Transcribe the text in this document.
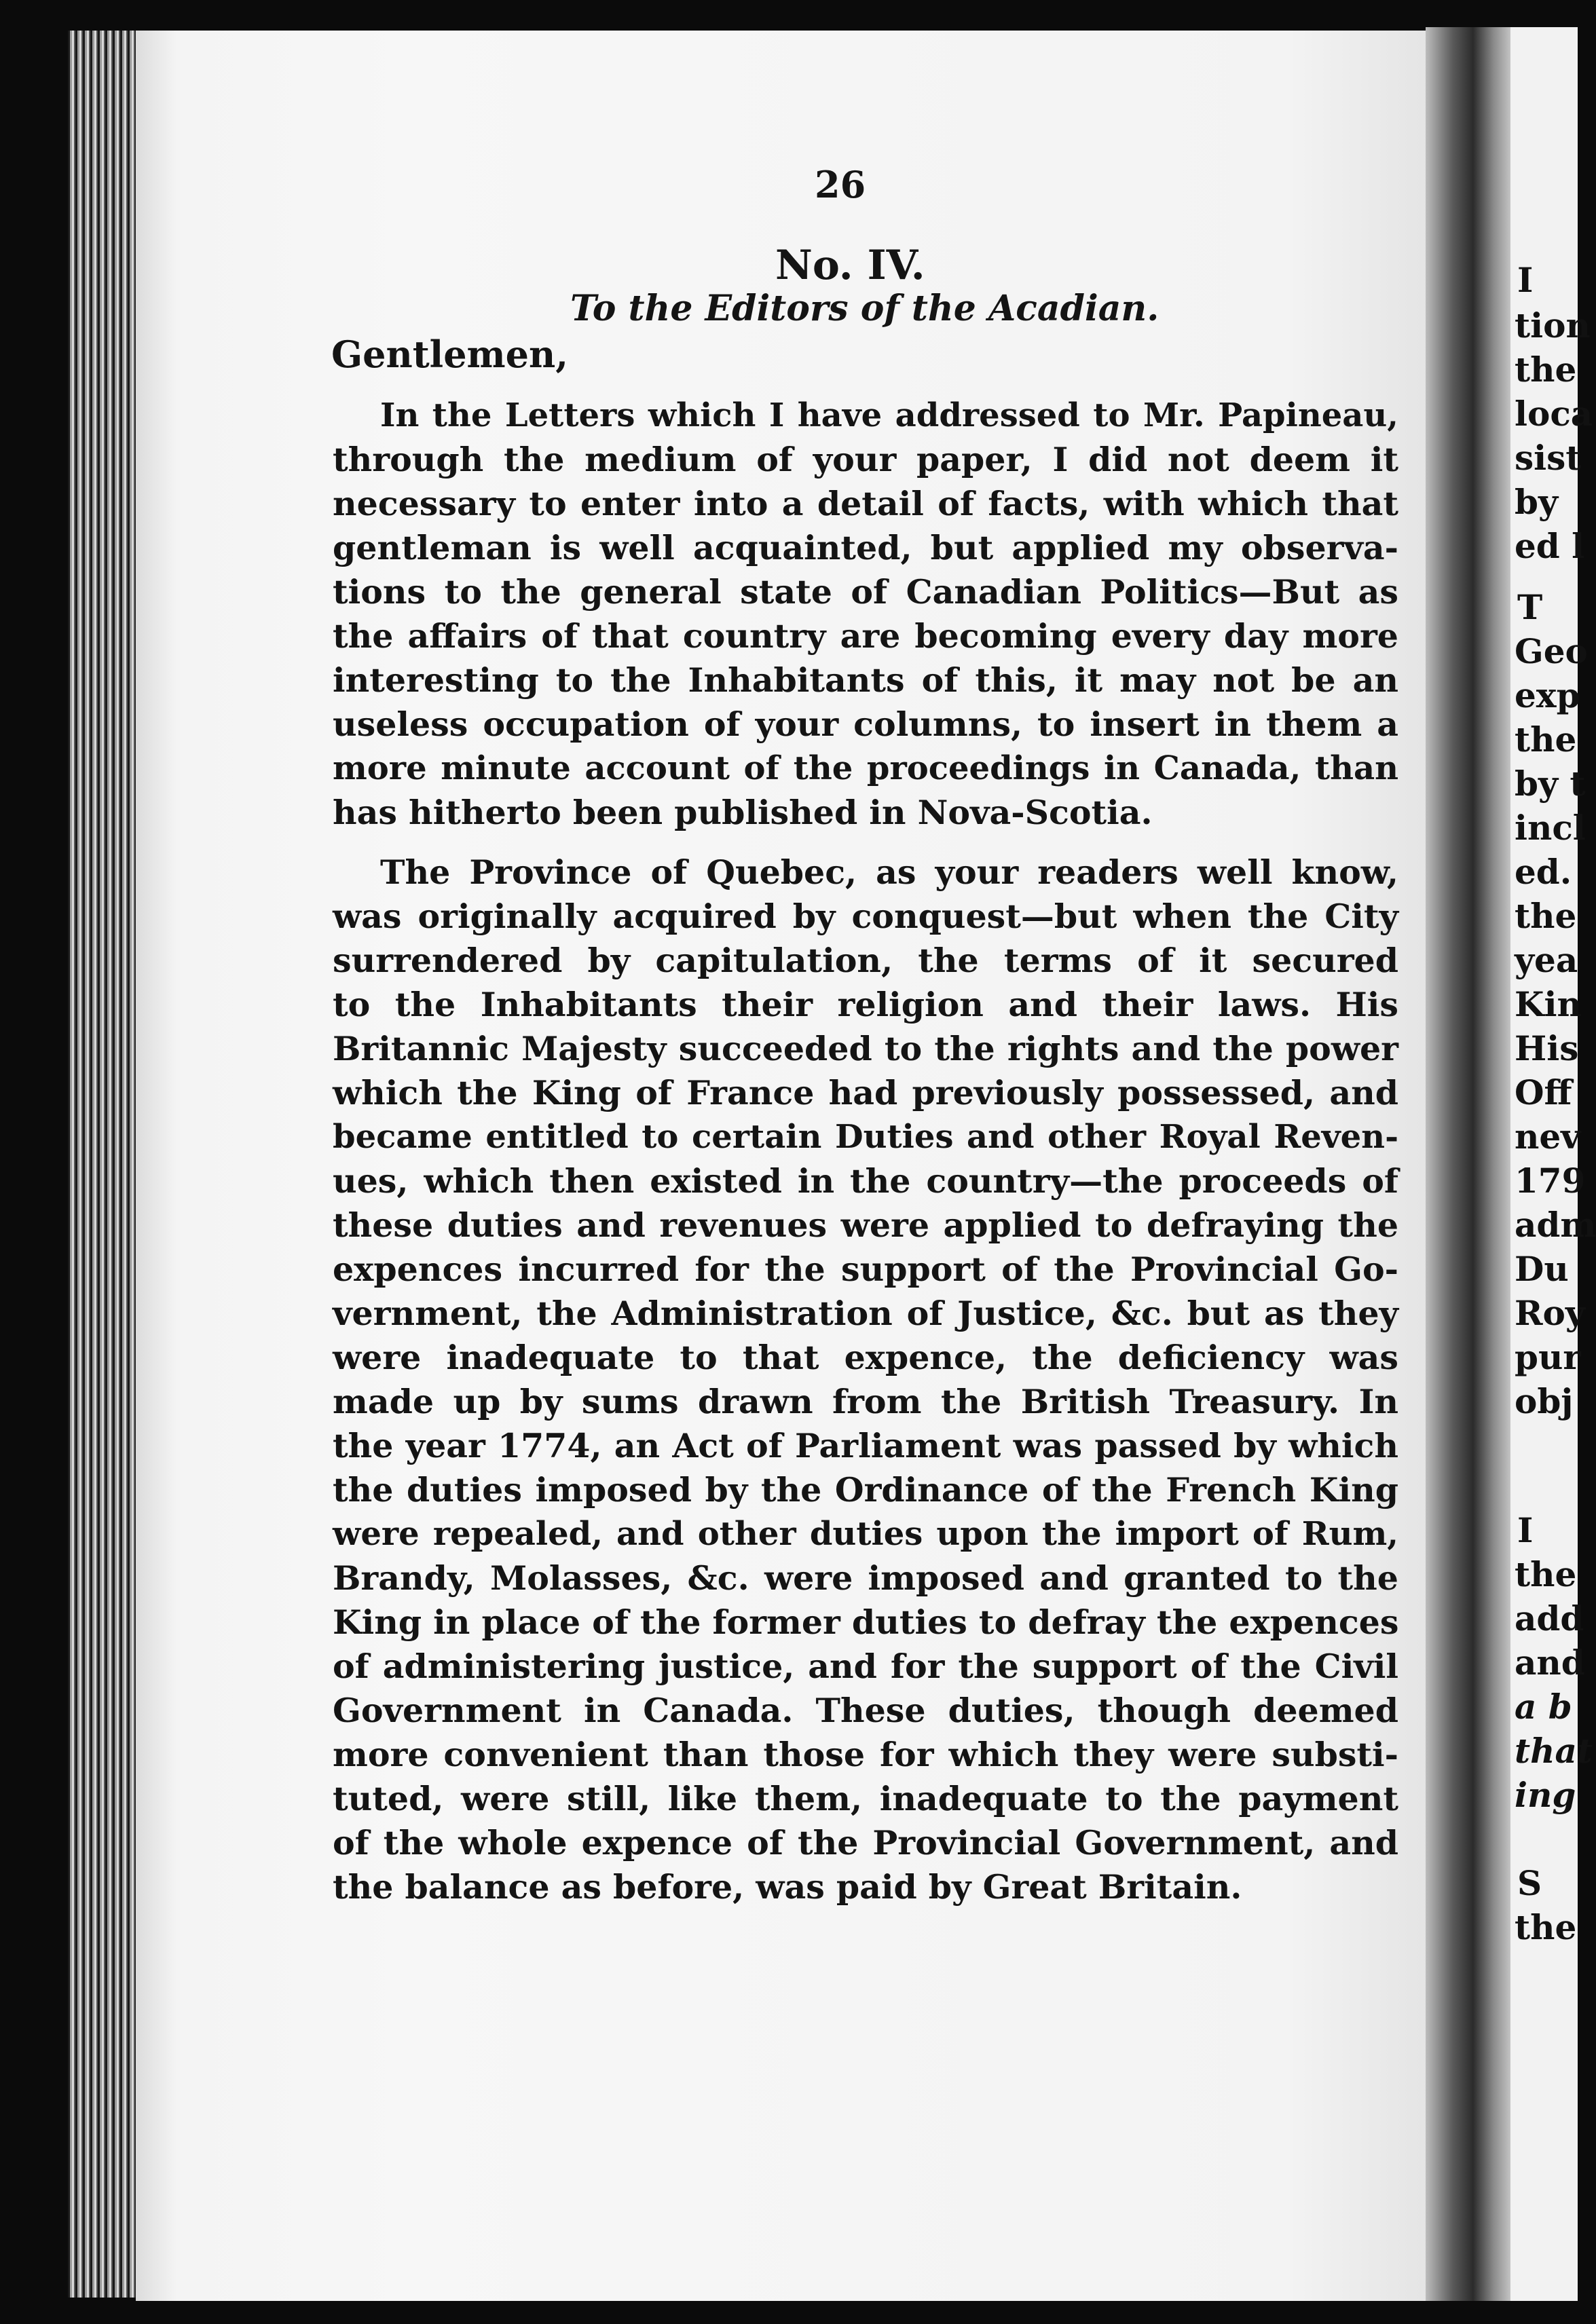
I
tion
the
loca
sist
by
ed l
T
Geo
exp
the
by t
incl
ed.
the
yea
Kin
His
Off
nev
179
adm
Du
Roy
pur
obj
I
the
add
and
a b
that
ing
S
the
26
No. IV.
To the Editors of the Acadian.
Gentlemen,
In the Letters which I have addressed to Mr. Papineau,
through the medium of your paper, I did not deem it
necessary to enter into a detail of facts, with which that
gentleman is well acquainted, but applied my observa-
tions to the general state of Canadian Politics—But as
the affairs of that country are becoming every day more
interesting to the Inhabitants of this, it may not be an
useless occupation of your columns, to insert in them a
more minute account of the proceedings in Canada, than
has hitherto been published in Nova-Scotia.
The Province of Quebec, as your readers well know,
was originally acquired by conquest—but when the City
surrendered by capitulation, the terms of it secured
to the Inhabitants their religion and their laws. His
Britannic Majesty succeeded to the rights and the power
which the King of France had previously possessed, and
became entitled to certain Duties and other Royal Reven-
ues, which then existed in the country—the proceeds of
these duties and revenues were applied to defraying the
expences incurred for the support of the Provincial Go-
vernment, the Administration of Justice, &c. but as they
were inadequate to that expence, the deficiency was
made up by sums drawn from the British Treasury. In
the year 1774, an Act of Parliament was passed by which
the duties imposed by the Ordinance of the French King
were repealed, and other duties upon the import of Rum,
Brandy, Molasses, &c. were imposed and granted to the
King in place of the former duties to defray the expences
of administering justice, and for the support of the Civil
Government in Canada. These duties, though deemed
more convenient than those for which they were substi-
tuted, were still, like them, inadequate to the payment
of the whole expence of the Provincial Government, and
the balance as before, was paid by Great Britain.
